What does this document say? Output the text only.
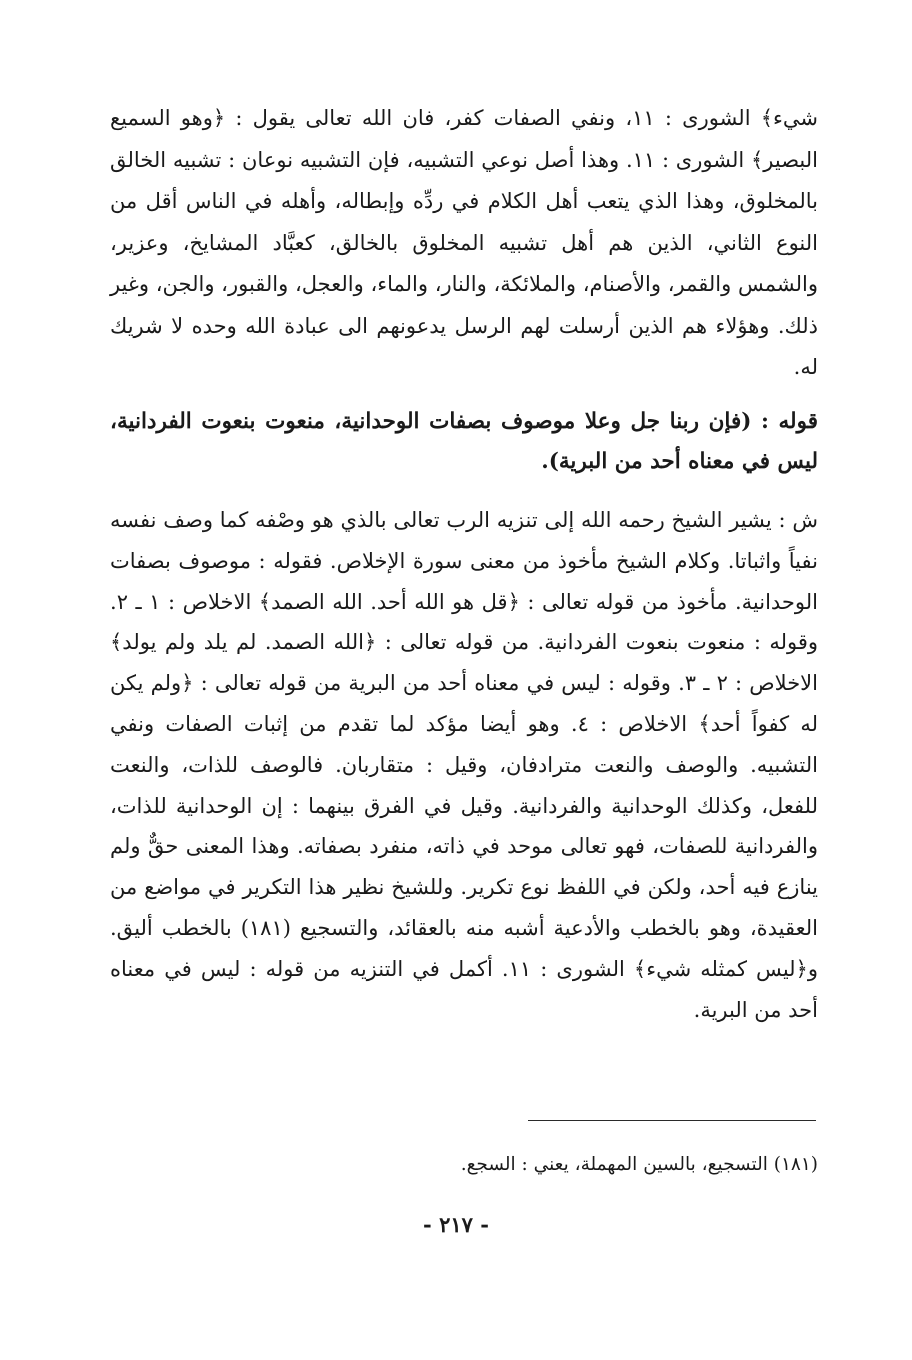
شيء﴾ الشورى : ١١، ونفي الصفات كفر، فان الله تعالى يقول : ﴿وهو السميع البصير﴾ الشورى : ١١. وهذا أصل نوعي التشبيه، فإن التشبيه نوعان : تشبيه الخالق بالمخلوق، وهذا الذي يتعب أهل الكلام في ردِّه وإبطاله، وأهله في الناس أقل من النوع الثاني، الذين هم أهل تشبيه المخلوق بالخالق، كعبَّاد المشايخ، وعزير، والشمس والقمر، والأصنام، والملائكة، والنار، والماء، والعجل، والقبور، والجن، وغير ذلك. وهؤلاء هم الذين أرسلت لهم الرسل يدعونهم الى عبادة الله وحده لا شريك له.

قوله : (فإن ربنا جل وعلا موصوف بصفات الوحدانية، منعوت بنعوت الفردانية، ليس في معناه أحد من البرية).

ش : يشير الشيخ رحمه الله إلى تنزيه الرب تعالى بالذي هو وصْفه كما وصف نفسه نفياً واثباتا. وكلام الشيخ مأخوذ من معنى سورة الإخلاص. فقوله : موصوف بصفات الوحدانية. مأخوذ من قوله تعالى : ﴿قل هو الله أحد. الله الصمد﴾ الاخلاص : ١ ـ ٢. وقوله : منعوت بنعوت الفردانية. من قوله تعالى : ﴿الله الصمد. لم يلد ولم يولد﴾ الاخلاص : ٢ ـ ٣. وقوله : ليس في معناه أحد من البرية من قوله تعالى : ﴿ولم يكن له كفواً أحد﴾ الاخلاص : ٤. وهو أيضا مؤكد لما تقدم من إثبات الصفات ونفي التشبيه. والوصف والنعت مترادفان، وقيل : متقاربان. فالوصف للذات، والنعت للفعل، وكذلك الوحدانية والفردانية. وقيل في الفرق بينهما : إن الوحدانية للذات، والفردانية للصفات، فهو تعالى موحد في ذاته، منفرد بصفاته. وهذا المعنى حقٌّ ولم ينازع فيه أحد، ولكن في اللفظ نوع تكرير. وللشيخ نظير هذا التكرير في مواضع من العقيدة، وهو بالخطب والأدعية أشبه منه بالعقائد، والتسجيع (١٨١) بالخطب أليق. و﴿ليس كمثله شيء﴾ الشورى : ١١. أكمل في التنزيه من قوله : ليس في معناه أحد من البرية.

(١٨١) التسجيع، بالسين المهملة، يعني : السجع.

- ٢١٧ -
